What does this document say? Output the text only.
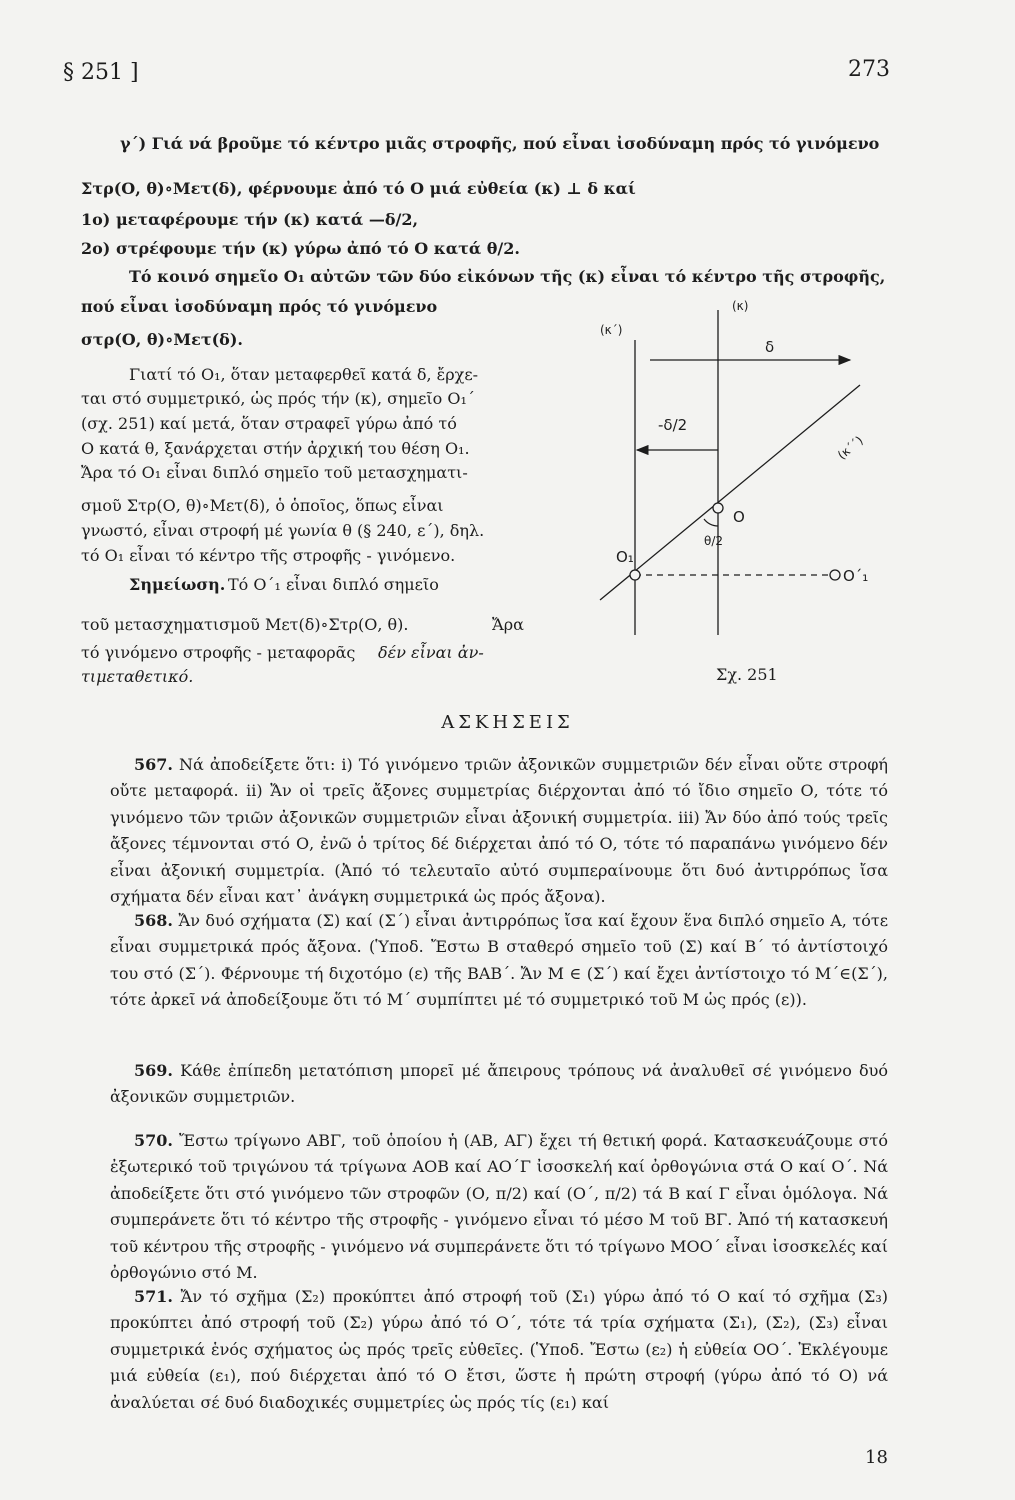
§ 251 ]	273
γ΄) Γιά νά βροῦμε τό κέντρο μιᾶς στροφῆς, πού εἶναι ἰσοδύναμη πρός τό γινόμενο
Στρ(Ο, θ)∘Μετ(δ), φέρνουμε ἀπό τό Ο μιά εὐθεία (κ) ⊥ δ καί
1ο) μεταφέρουμε τήν (κ) κατά —δ/2,
2ο) στρέφουμε τήν (κ) γύρω ἀπό τό Ο κατά θ/2.
Τό κοινό σημεῖο Ο₁ αὐτῶν τῶν δύο εἰκόνων τῆς (κ) εἶναι τό κέντρο τῆς στροφῆς,
πού εἶναι ἰσοδύναμη πρός τό γινόμενο
στρ(Ο, θ)∘Μετ(δ).
Γιατί τό Ο₁, ὅταν μεταφερθεῖ κατά δ, ἔρχε-
ται στό συμμετρικό, ὡς πρός τήν (κ), σημεῖο Ο₁΄
(σχ. 251) καί μετά, ὅταν στραφεῖ γύρω ἀπό τό
Ο κατά θ, ξανάρχεται στήν ἀρχική του θέση Ο₁.
Ἄρα τό Ο₁ εἶναι διπλό σημεῖο τοῦ μετασχηματι-
σμοῦ Στρ(Ο, θ)∘Μετ(δ), ὁ ὁποῖος, ὅπως εἶναι
γνωστό, εἶναι στροφή μέ γωνία θ (§ 240, ε΄), δηλ.
τό Ο₁ εἶναι τό κέντρο τῆς στροφῆς - γινόμενο.
Σημείωση. Τό Ο΄₁ εἶναι διπλό σημεῖο
τοῦ μετασχηματισμοῦ Μετ(δ)∘Στρ(Ο, θ).	Ἄρα
τό γινόμενο στροφῆς - μεταφορᾶς δέν εἶναι ἀν-
τιμεταθετικό.
(κ)
(κ΄)
δ
-δ/2
(κ΄΄)
Ο
θ/2
Ο₁
Ο΄₁
Σχ. 251
ΑΣΚΗΣΕΙΣ
567. Νά ἀποδείξετε ὅτι: i) Τό γινόμενο τριῶν ἀξονικῶν συμμετριῶν δέν εἶναι οὔτε στροφή οὔτε μεταφορά. ii) Ἄν οἱ τρεῖς ἄξονες συμμετρίας διέρχονται ἀπό τό ἴδιο σημεῖο Ο, τότε τό γινόμενο τῶν τριῶν ἀξονικῶν συμμετριῶν εἶναι ἀξονική συμμετρία. iii) Ἄν δύο ἀπό τούς τρεῖς ἄξονες τέμνονται στό Ο, ἐνῶ ὁ τρίτος δέ διέρχεται ἀπό τό Ο, τότε τό παραπάνω γινόμενο δέν εἶναι ἀξονική συμμετρία. (Ἀπό τό τελευταῖο αὐτό συμπεραίνουμε ὅτι δυό ἀντιρρόπως ἴσα σχήματα δέν εἶναι κατ᾿ ἀνάγκη συμμετρικά ὡς πρός ἄξονα).
568. Ἄν δυό σχήματα (Σ) καί (Σ΄) εἶναι ἀντιρρόπως ἴσα καί ἔχουν ἕνα διπλό σημεῖο Α, τότε εἶναι συμμετρικά πρός ἄξονα. (Ὑποδ. Ἔστω Β σταθερό σημεῖο τοῦ (Σ) καί Β΄ τό ἀντίστοιχό του στό (Σ΄). Φέρνουμε τή διχοτόμο (ε) τῆς ΒΑΒ΄. Ἄν Μ ∈ (Σ΄) καί ἔχει ἀντίστοιχο τό Μ΄∈(Σ΄), τότε ἀρκεῖ νά ἀποδείξουμε ὅτι τό Μ΄ συμπίπτει μέ τό συμμετρικό τοῦ Μ ὡς πρός (ε)).
569. Κάθε ἐπίπεδη μετατόπιση μπορεῖ μέ ἄπειρους τρόπους νά ἀναλυθεῖ σέ γινόμενο δυό ἀξονικῶν συμμετριῶν.
570. Ἔστω τρίγωνο ΑΒΓ, τοῦ ὁποίου ἡ (ΑΒ, ΑΓ) ἔχει τή θετική φορά. Κατασκευάζουμε στό ἐξωτερικό τοῦ τριγώνου τά τρίγωνα ΑΟΒ καί ΑΟ΄Γ ἰσοσκελή καί ὀρθογώνια στά Ο καί Ο΄. Νά ἀποδείξετε ὅτι στό γινόμενο τῶν στροφῶν (Ο, π/2) καί (Ο΄, π/2) τά Β καί Γ εἶναι ὁμόλογα. Νά συμπεράνετε ὅτι τό κέντρο τῆς στροφῆς - γινόμενο εἶναι τό μέσο Μ τοῦ ΒΓ. Ἀπό τή κατασκευή τοῦ κέντρου τῆς στροφῆς - γινόμενο νά συμπεράνετε ὅτι τό τρίγωνο ΜΟΟ΄ εἶναι ἰσοσκελές καί ὀρθογώνιο στό Μ.
571. Ἄν τό σχῆμα (Σ₂) προκύπτει ἀπό στροφή τοῦ (Σ₁) γύρω ἀπό τό Ο καί τό σχῆμα (Σ₃) προκύπτει ἀπό στροφή τοῦ (Σ₂) γύρω ἀπό τό Ο΄, τότε τά τρία σχήματα (Σ₁), (Σ₂), (Σ₃) εἶναι συμμετρικά ἑνός σχήματος ὡς πρός τρεῖς εὐθεῖες. (Ὑποδ. Ἔστω (ε₂) ἡ εὐθεία ΟΟ΄. Ἐκλέγουμε μιά εὐθεία (ε₁), πού διέρχεται ἀπό τό Ο ἔτσι, ὥστε ἡ πρώτη στροφή (γύρω ἀπό τό Ο) νά ἀναλύεται σέ δυό διαδοχικές συμμετρίες ὡς πρός τίς (ε₁) καί
18
